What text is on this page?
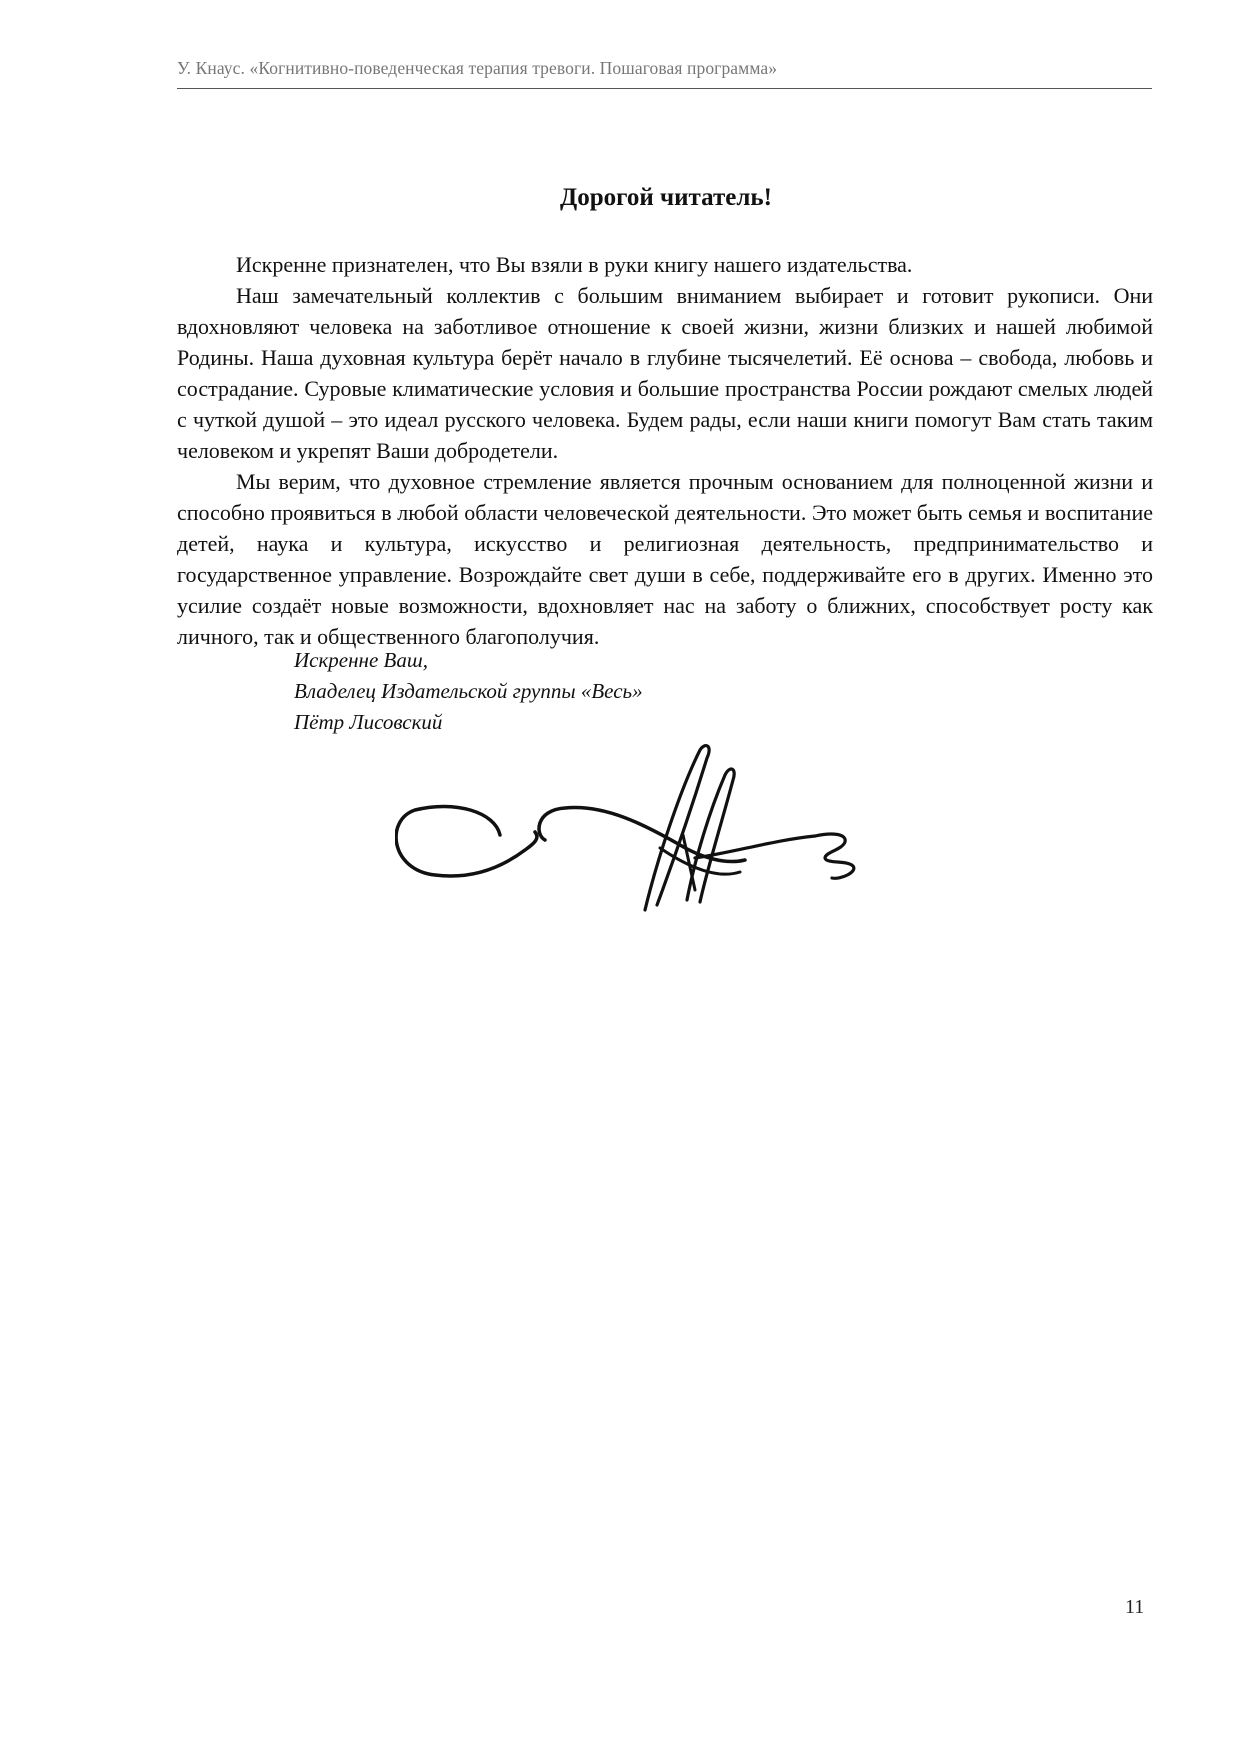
У. Кнаус. «Когнитивно-поведенческая терапия тревоги. Пошаговая программа»
Дорогой читатель!

Искренне признателен, что Вы взяли в руки книгу нашего издательства.

Наш замечательный коллектив с большим вниманием выбирает и готовит рукописи. Они вдохновляют человека на заботливое отношение к своей жизни, жизни близких и нашей любимой Родины. Наша духовная культура берёт начало в глубине тысячелетий. Её основа – свобода, любовь и сострадание. Суровые климатические условия и большие пространства России рождают смелых людей с чуткой душой – это идеал русского человека. Будем рады, если наши книги помогут Вам стать таким человеком и укрепят Ваши добродетели.

Мы верим, что духовное стремление является прочным основанием для полноценной жизни и способно проявиться в любой области человеческой деятельности. Это может быть семья и воспитание детей, наука и культура, искусство и религиозная деятельность, предпринимательство и государственное управление. Возрождайте свет души в себе, поддерживайте его в других. Именно это усилие создаёт новые возможности, вдохновляет нас на заботу о ближних, способствует росту как личного, так и общественного благополучия.

Искренне Ваш,
Владелец Издательской группы «Весь»
Пётр Лисовский
11
